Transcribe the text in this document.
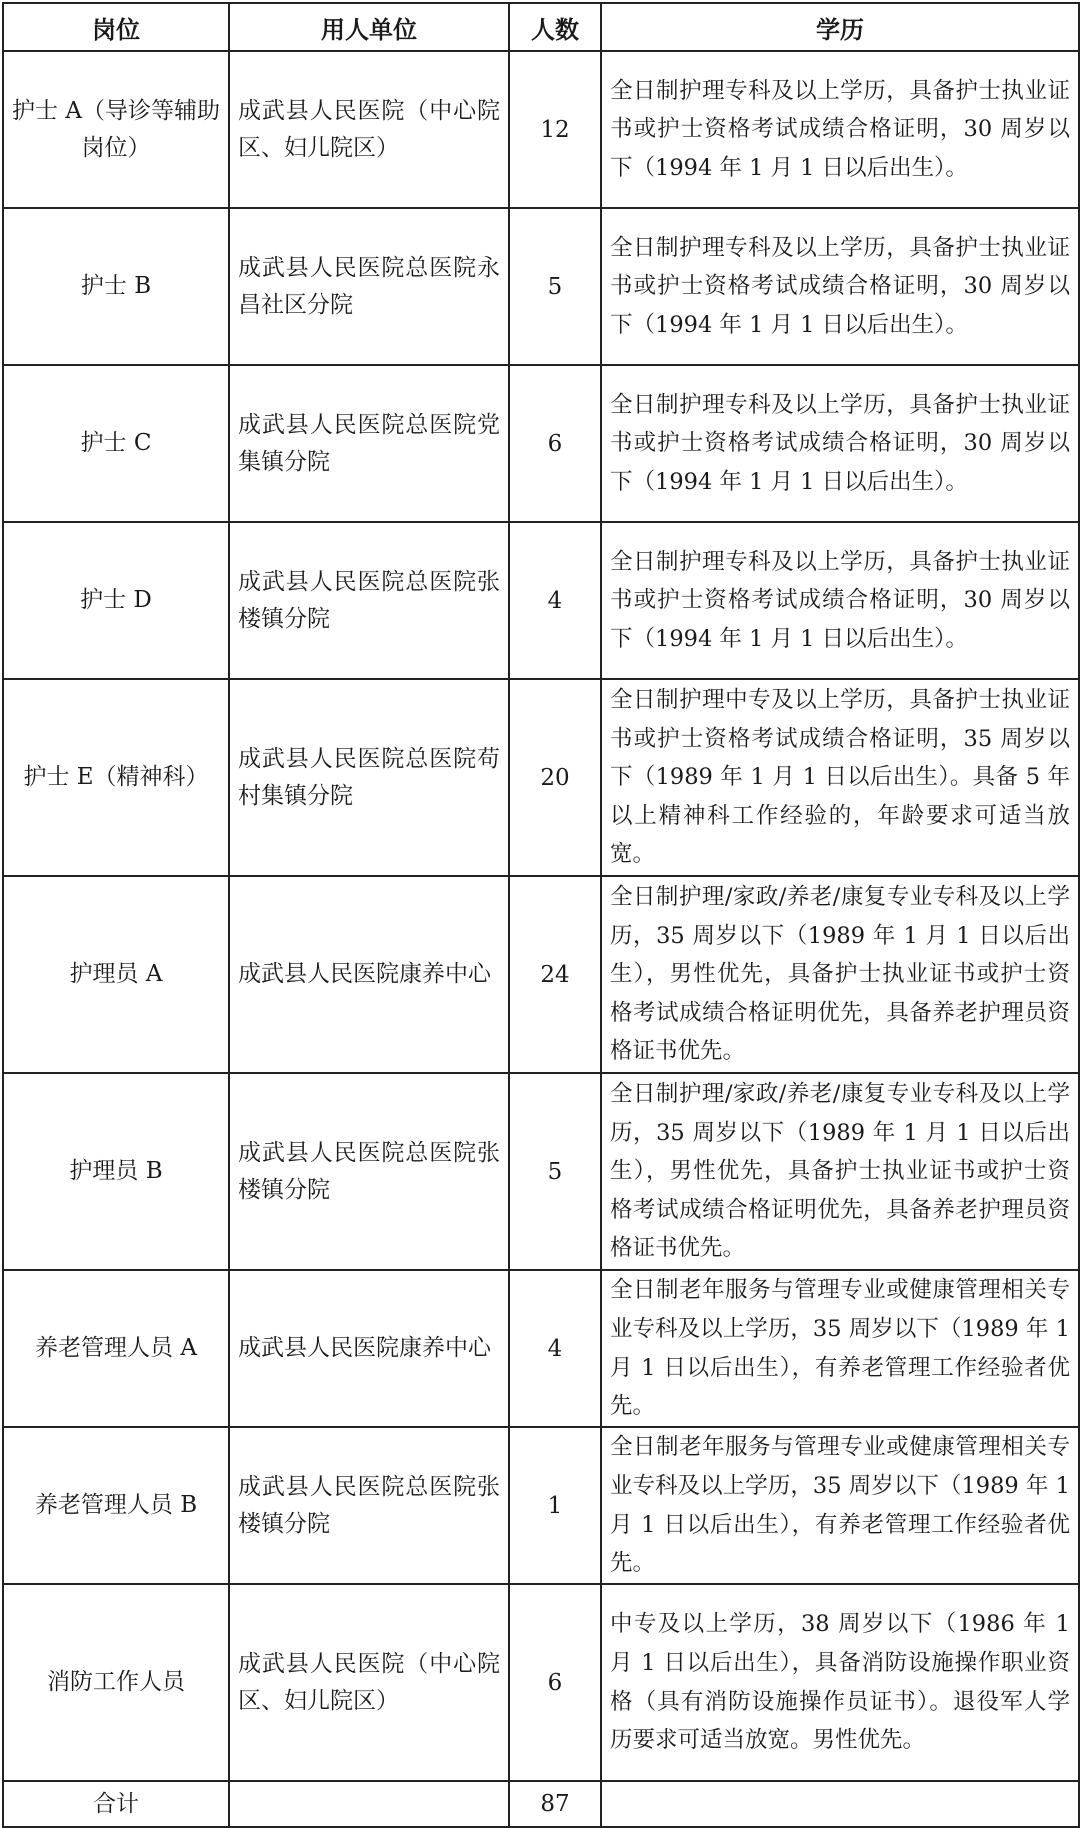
岗位	用人单位	人数	学历
护士 A（导诊等辅助岗位）	成武县人民医院（中心院区、妇儿院区）	12	全日制护理专科及以上学历，具备护士执业证书或护士资格考试成绩合格证明，30 周岁以下（1994 年 1 月 1 日以后出生）。
护士 B	成武县人民医院总医院永昌社区分院	5	全日制护理专科及以上学历，具备护士执业证书或护士资格考试成绩合格证明，30 周岁以下（1994 年 1 月 1 日以后出生）。
护士 C	成武县人民医院总医院党集镇分院	6	全日制护理专科及以上学历，具备护士执业证书或护士资格考试成绩合格证明，30 周岁以下（1994 年 1 月 1 日以后出生）。
护士 D	成武县人民医院总医院张楼镇分院	4	全日制护理专科及以上学历，具备护士执业证书或护士资格考试成绩合格证明，30 周岁以下（1994 年 1 月 1 日以后出生）。
护士 E（精神科）	成武县人民医院总医院苟村集镇分院	20	全日制护理中专及以上学历，具备护士执业证书或护士资格考试成绩合格证明，35 周岁以下（1989 年 1 月 1 日以后出生）。具备 5 年以上精神科工作经验的，年龄要求可适当放宽。
护理员 A	成武县人民医院康养中心	24	全日制护理/家政/养老/康复专业专科及以上学历，35 周岁以下（1989 年 1 月 1 日以后出生），男性优先，具备护士执业证书或护士资格考试成绩合格证明优先，具备养老护理员资格证书优先。
护理员 B	成武县人民医院总医院张楼镇分院	5	全日制护理/家政/养老/康复专业专科及以上学历，35 周岁以下（1989 年 1 月 1 日以后出生），男性优先，具备护士执业证书或护士资格考试成绩合格证明优先，具备养老护理员资格证书优先。
养老管理人员 A	成武县人民医院康养中心	4	全日制老年服务与管理专业或健康管理相关专业专科及以上学历，35 周岁以下（1989 年 1 月 1 日以后出生），有养老管理工作经验者优先。
养老管理人员 B	成武县人民医院总医院张楼镇分院	1	全日制老年服务与管理专业或健康管理相关专业专科及以上学历，35 周岁以下（1989 年 1 月 1 日以后出生），有养老管理工作经验者优先。
消防工作人员	成武县人民医院（中心院区、妇儿院区）	6	中专及以上学历，38 周岁以下（1986 年 1 月 1 日以后出生），具备消防设施操作职业资格（具有消防设施操作员证书）。退役军人学历要求可适当放宽。男性优先。
合计		87	
